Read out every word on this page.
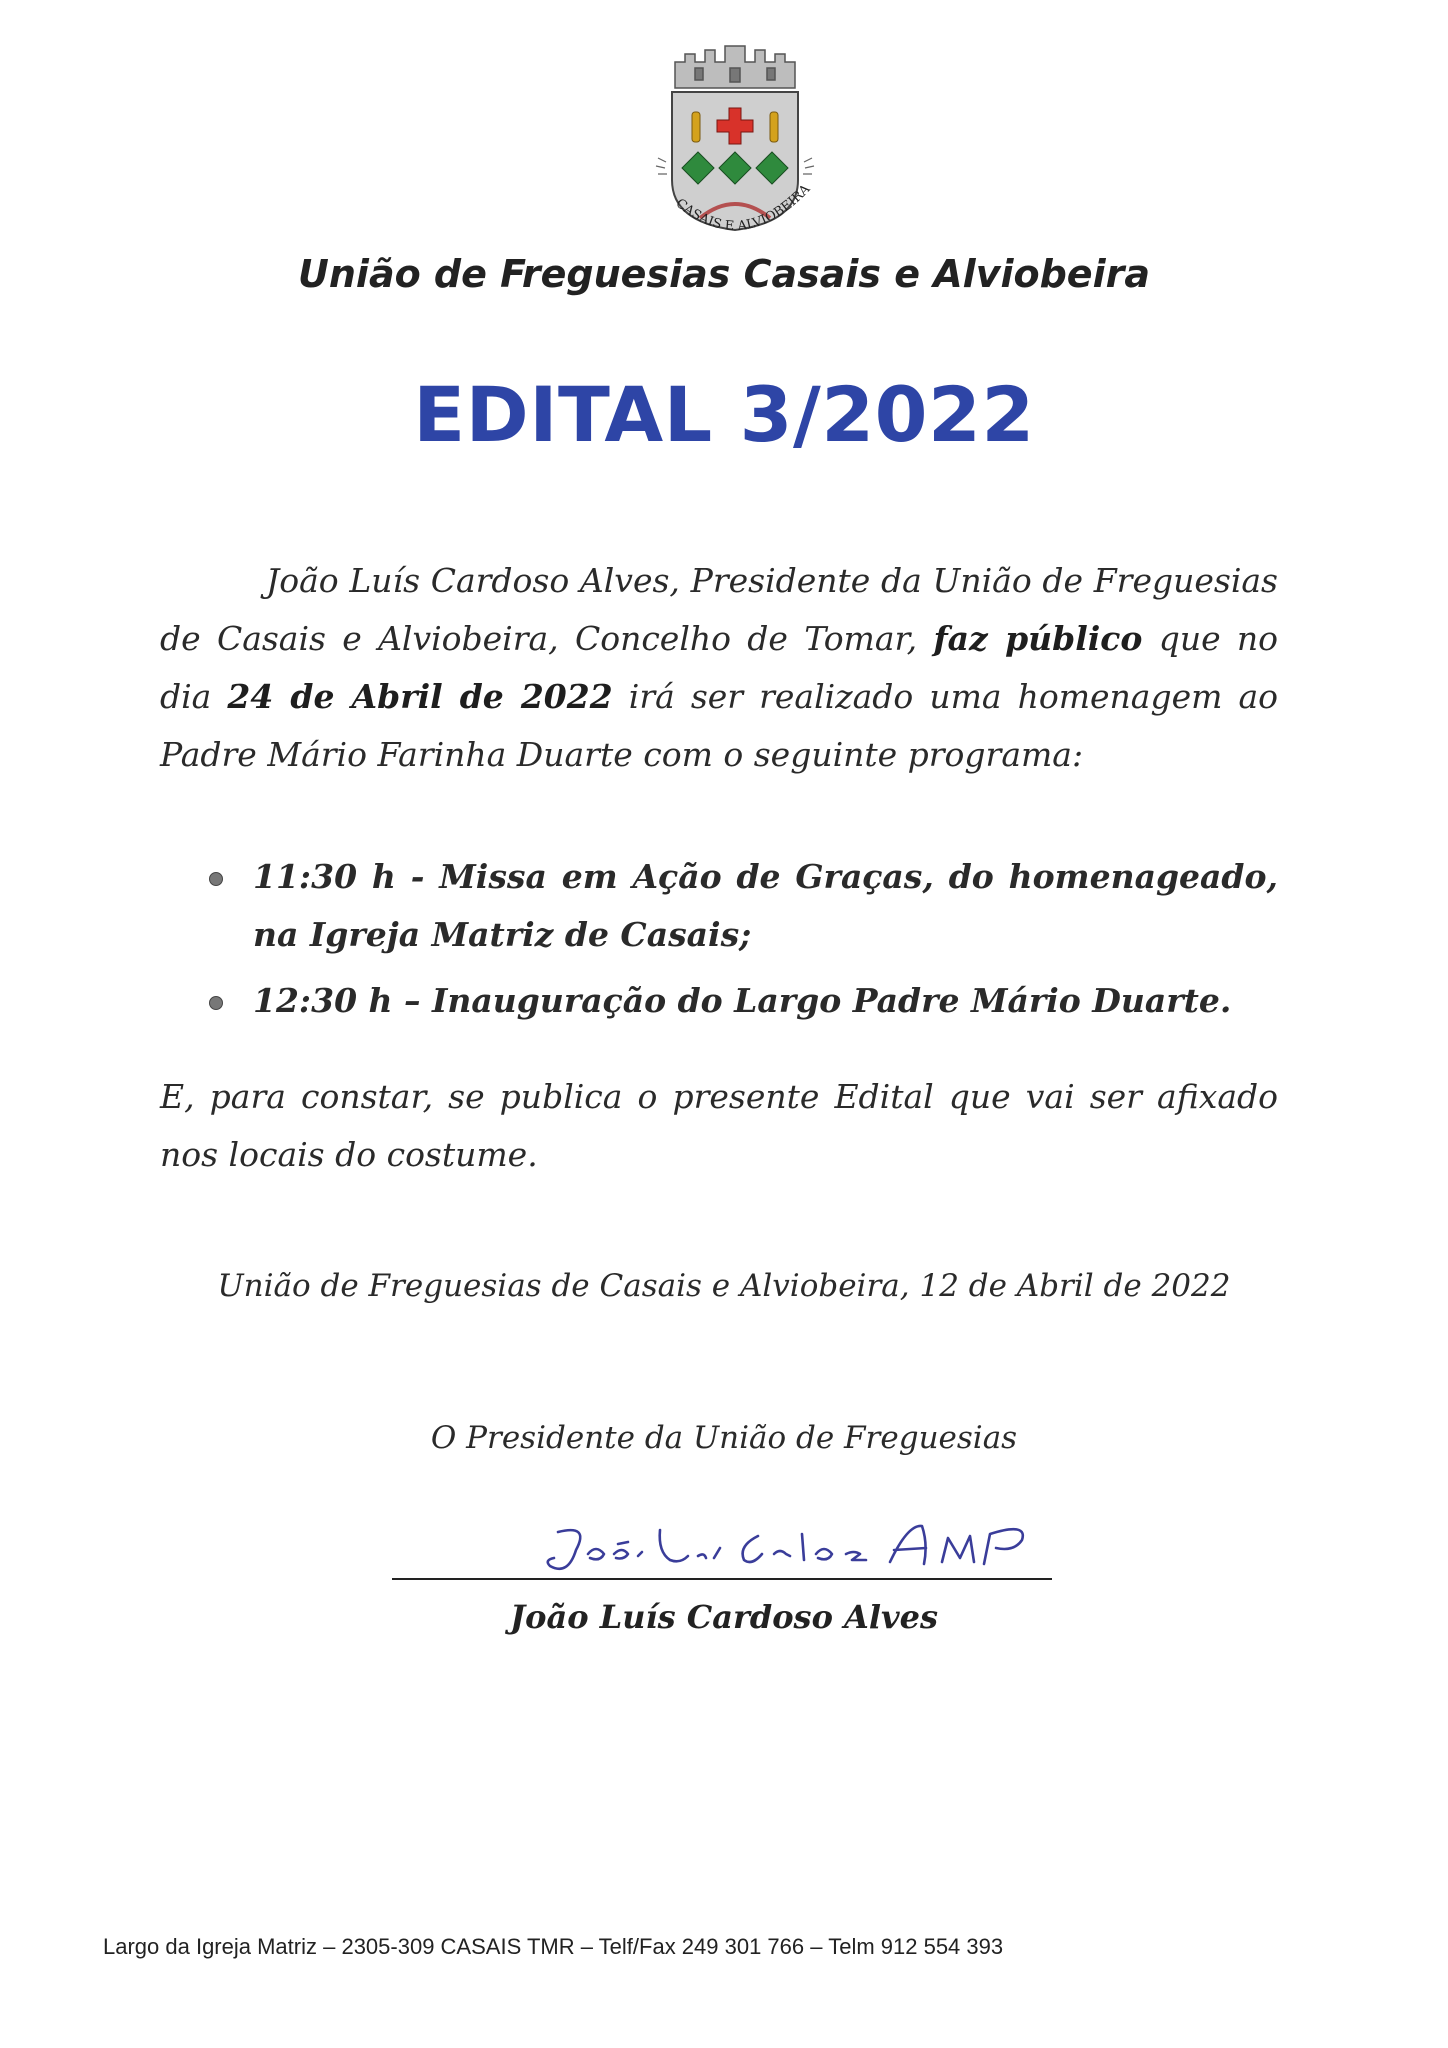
CASAIS E ALVIOBEIRA
União de Freguesias Casais e Alviobeira
EDITAL 3/2022
João Luís Cardoso Alves, Presidente da União de Freguesias de Casais e Alviobeira, Concelho de Tomar, faz público que no dia 24 de Abril de 2022 irá ser realizado uma homenagem ao Padre Mário Farinha Duarte com o seguinte programa:
11:30 h - Missa em Ação de Graças, do homenageado, na Igreja Matriz de Casais;
12:30 h – Inauguração do Largo Padre Mário Duarte.
E, para constar, se publica o presente Edital que vai ser afixado nos locais do costume.
União de Freguesias de Casais e Alviobeira, 12 de Abril de 2022
O Presidente da União de Freguesias
João Luís Cardoso Alves
Largo da Igreja Matriz – 2305-309 CASAIS TMR – Telf/Fax 249 301 766 – Telm 912 554 393
